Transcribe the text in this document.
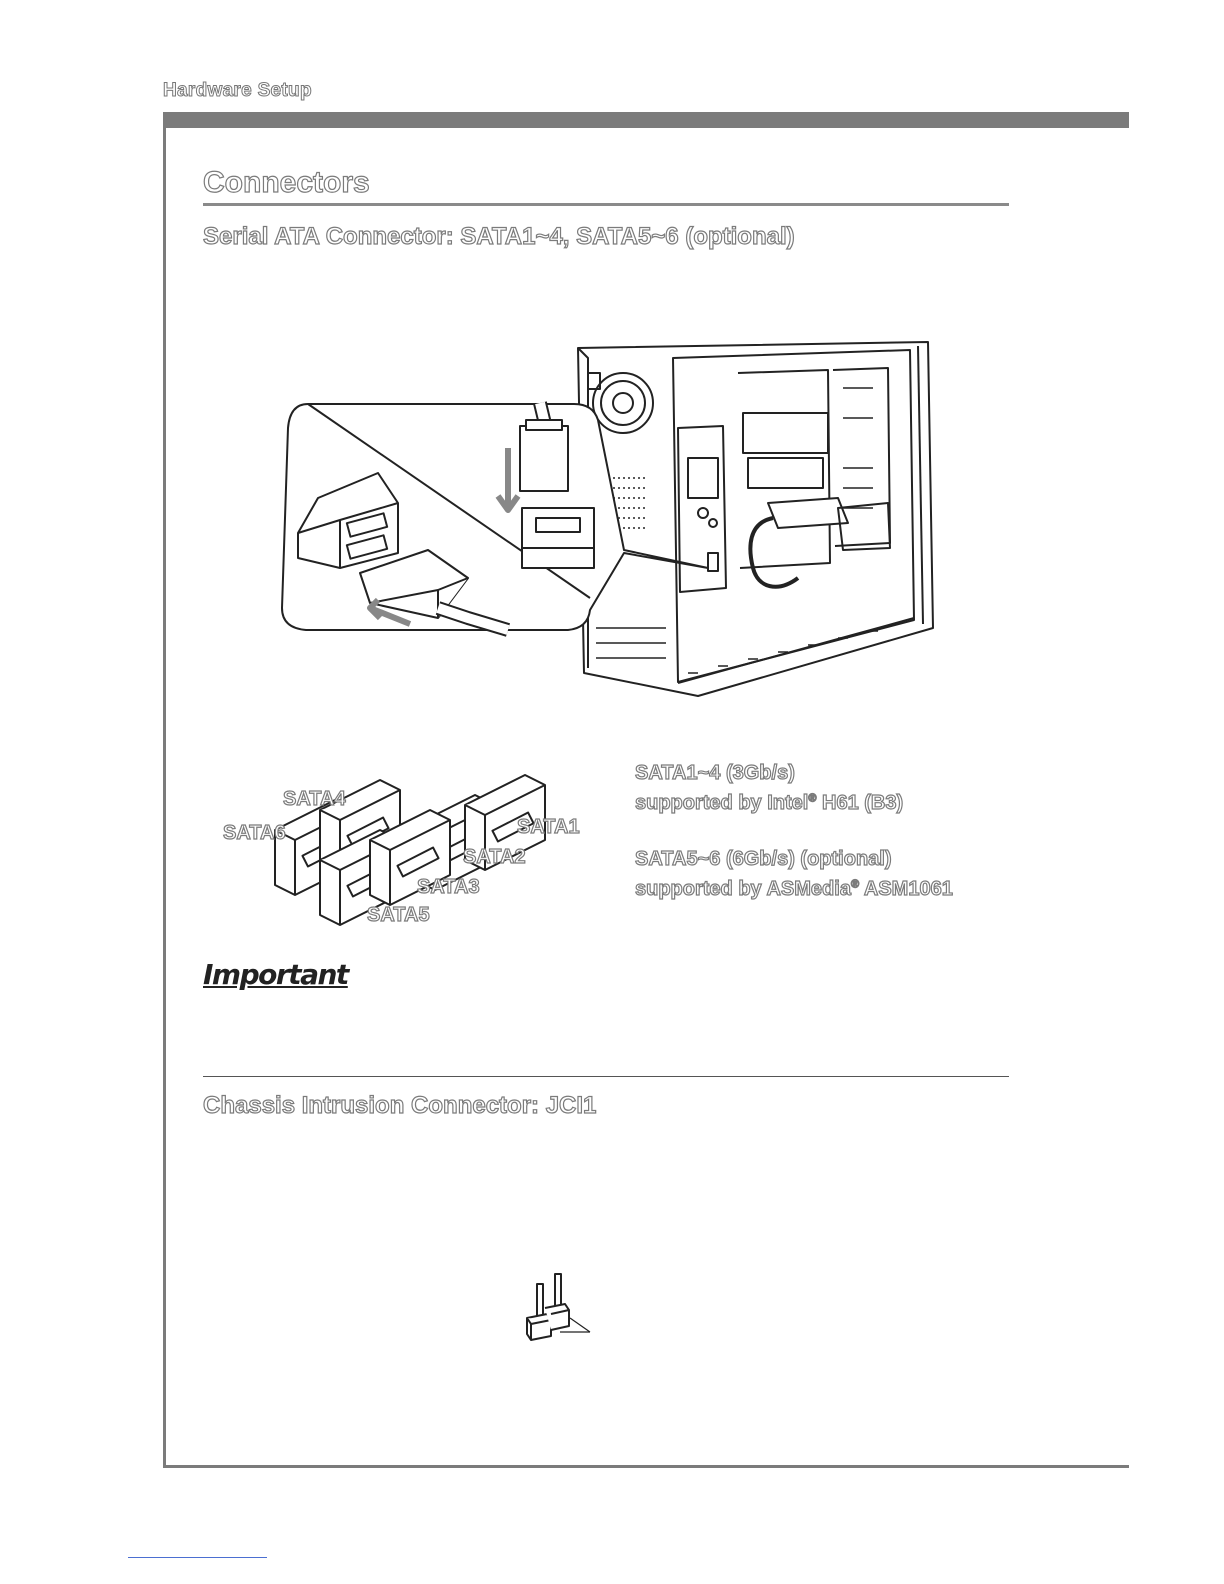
Hardware Setup
Connectors
Serial ATA Connector: SATA1~4, SATA5~6 (optional)
SATA4
SATA6	SATA1
SATA2
SATA3
SATA5
SATA1~4 (3Gb/s)
supported by Intel® H61 (B3)
SATA5~6 (6Gb/s) (optional)
supported by ASMedia® ASM1061
Important
Chassis Intrusion Connector: JCI1
